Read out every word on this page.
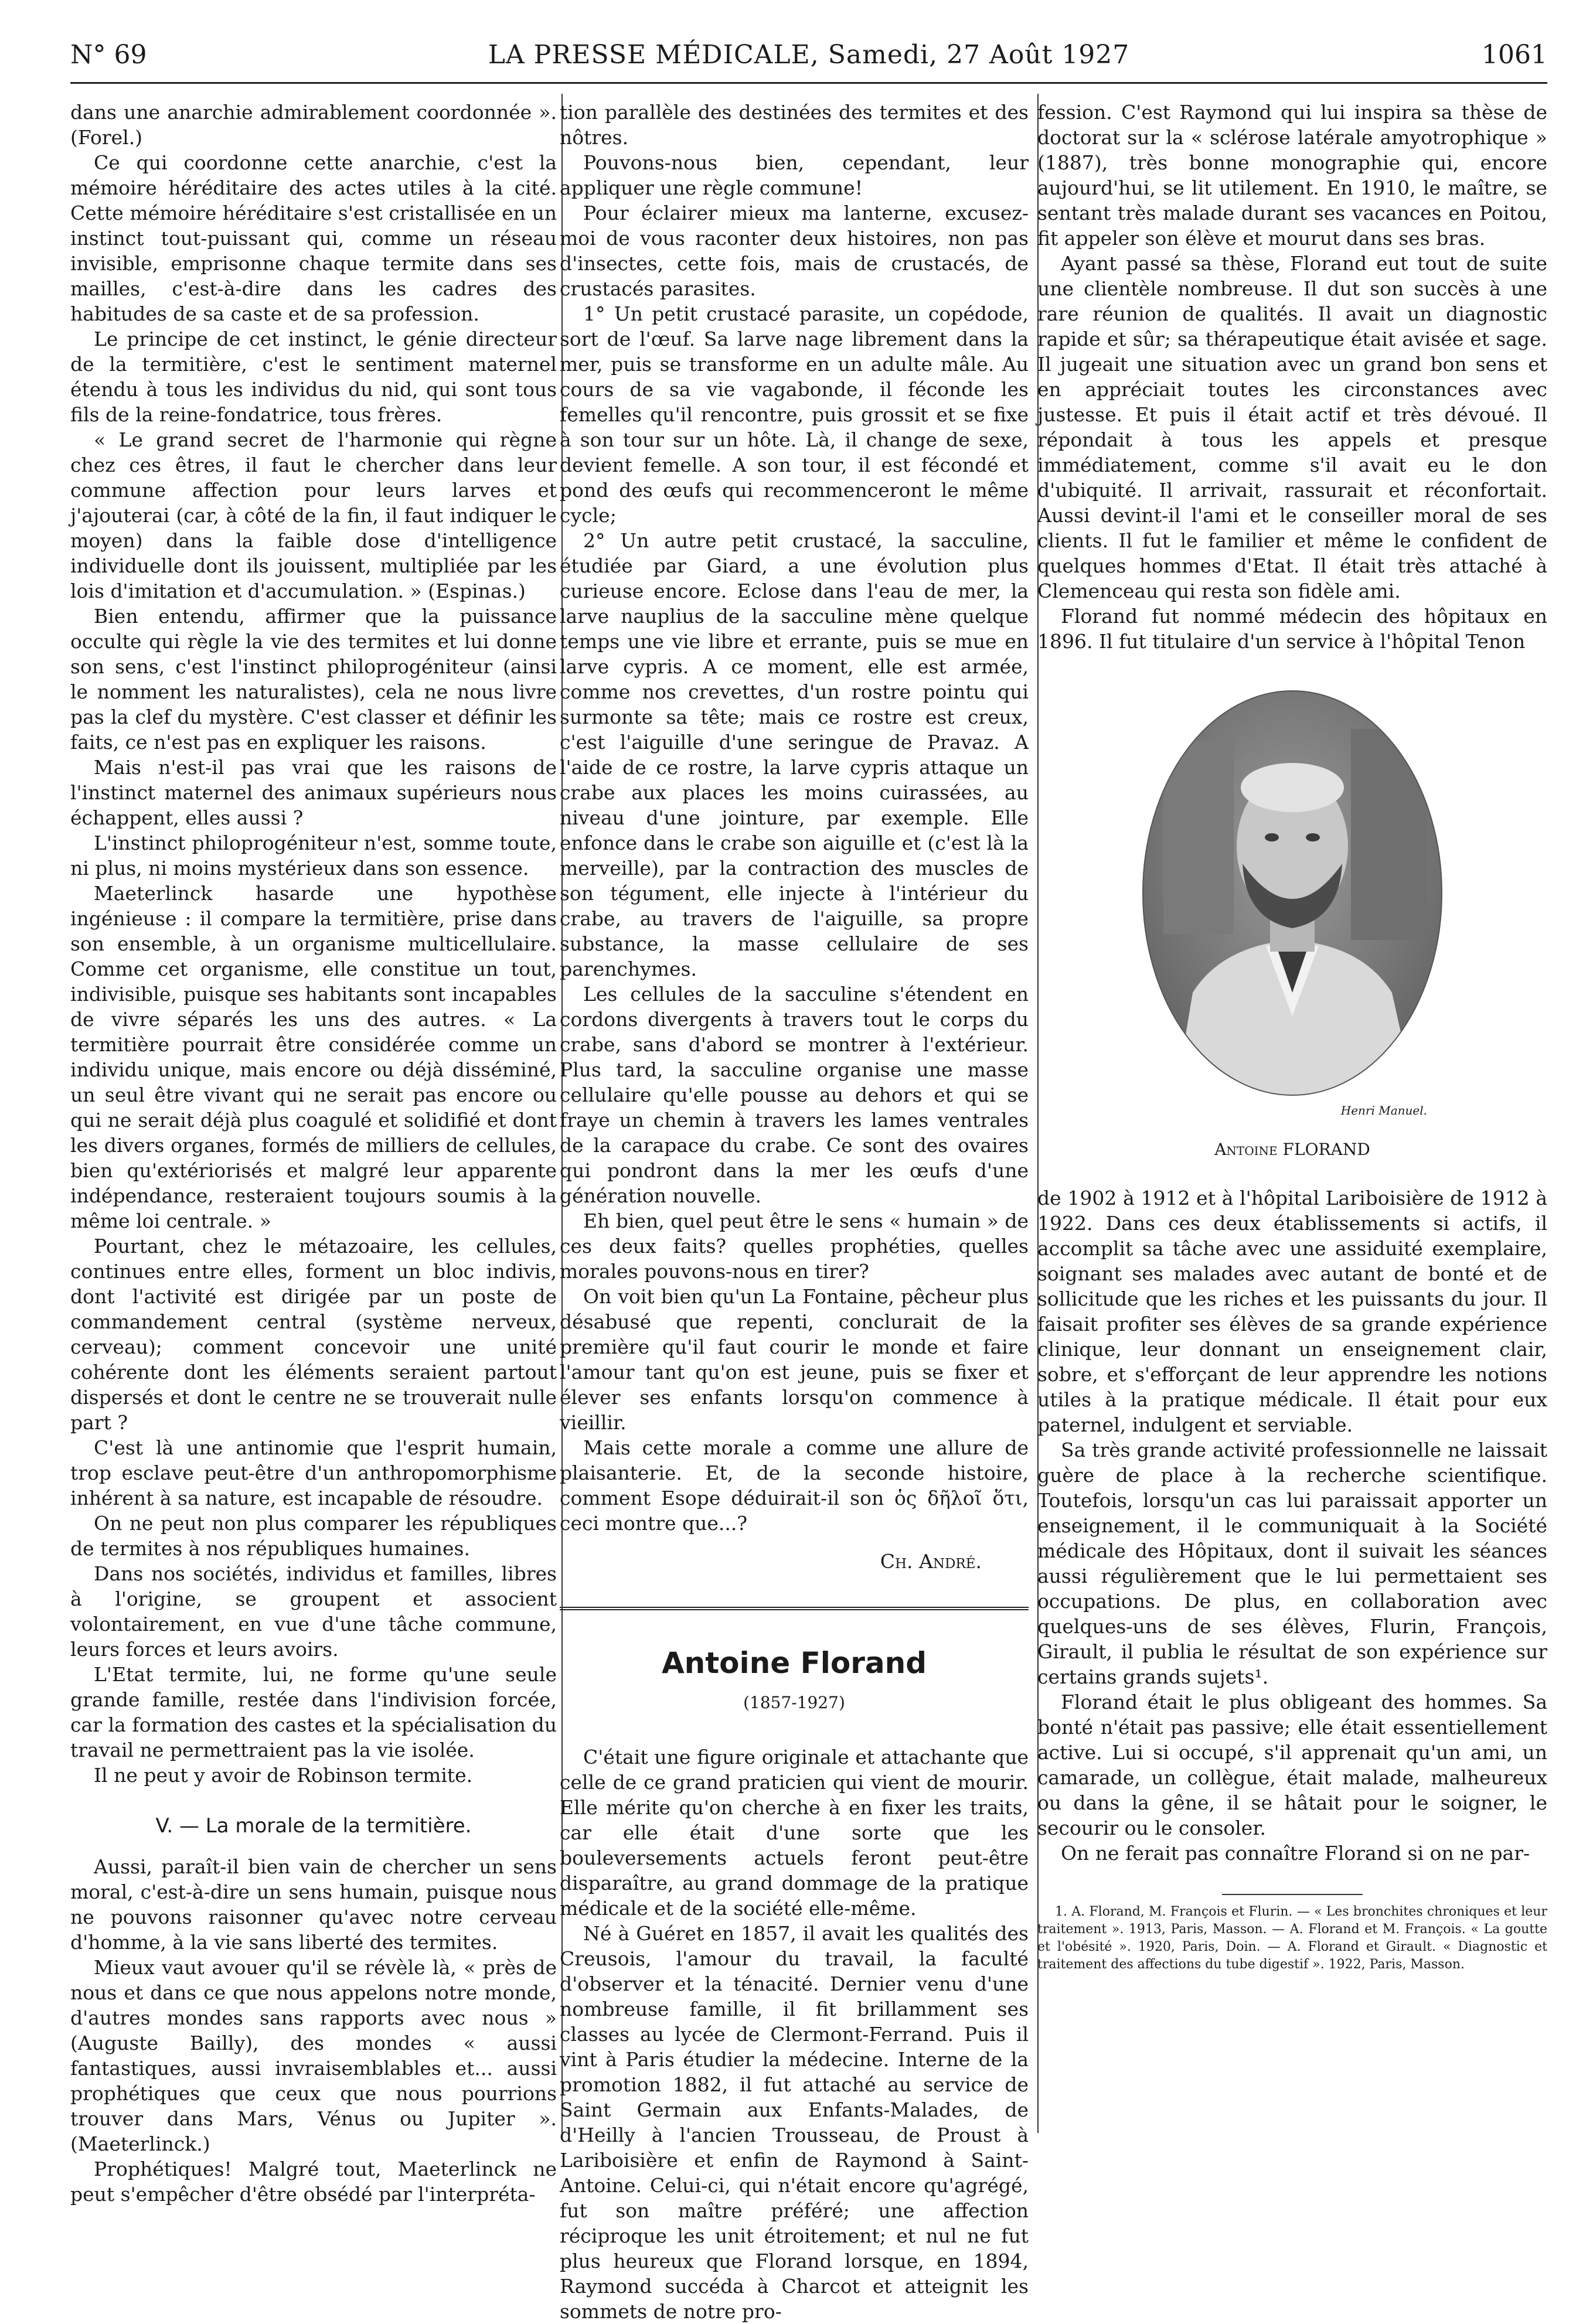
N° 69	LA PRESSE MÉDICALE, Samedi, 27 Août 1927	1061

dans une anarchie admirablement coordonnée ». (Forel.)

Ce qui coordonne cette anarchie, c'est la mémoire héréditaire des actes utiles à la cité. Cette mémoire héréditaire s'est cristallisée en un instinct tout-puissant qui, comme un réseau invisible, emprisonne chaque termite dans ses mailles, c'est-à-dire dans les cadres des habitudes de sa caste et de sa profession.

Le principe de cet instinct, le génie directeur de la termitière, c'est le sentiment maternel étendu à tous les individus du nid, qui sont tous fils de la reine-fondatrice, tous frères.

« Le grand secret de l'harmonie qui règne chez ces êtres, il faut le chercher dans leur commune affection pour leurs larves et j'ajouterai (car, à côté de la fin, il faut indiquer le moyen) dans la faible dose d'intelligence individuelle dont ils jouissent, multipliée par les lois d'imitation et d'accumulation. » (Espinas.)

Bien entendu, affirmer que la puissance occulte qui règle la vie des termites et lui donne son sens, c'est l'instinct philoprogéniteur (ainsi le nomment les naturalistes), cela ne nous livre pas la clef du mystère. C'est classer et définir les faits, ce n'est pas en expliquer les raisons.

Mais n'est-il pas vrai que les raisons de l'instinct maternel des animaux supérieurs nous échappent, elles aussi ?

L'instinct philoprogéniteur n'est, somme toute, ni plus, ni moins mystérieux dans son essence.

Maeterlinck hasarde une hypothèse ingénieuse : il compare la termitière, prise dans son ensemble, à un organisme multicellulaire. Comme cet organisme, elle constitue un tout, indivisible, puisque ses habitants sont incapables de vivre séparés les uns des autres. « La termitière pourrait être considérée comme un individu unique, mais encore ou déjà disséminé, un seul être vivant qui ne serait pas encore ou qui ne serait déjà plus coagulé et solidifié et dont les divers organes, formés de milliers de cellules, bien qu'extériorisés et malgré leur apparente indépendance, resteraient toujours soumis à la même loi centrale. »

Pourtant, chez le métazoaire, les cellules, continues entre elles, forment un bloc indivis, dont l'activité est dirigée par un poste de commandement central (système nerveux, cerveau); comment concevoir une unité cohérente dont les éléments seraient partout dispersés et dont le centre ne se trouverait nulle part ?

C'est là une antinomie que l'esprit humain, trop esclave peut-être d'un anthropomorphisme inhérent à sa nature, est incapable de résoudre.

On ne peut non plus comparer les républiques de termites à nos républiques humaines.

Dans nos sociétés, individus et familles, libres à l'origine, se groupent et associent volontairement, en vue d'une tâche commune, leurs forces et leurs avoirs.

L'Etat termite, lui, ne forme qu'une seule grande famille, restée dans l'indivision forcée, car la formation des castes et la spécialisation du travail ne permettraient pas la vie isolée.

Il ne peut y avoir de Robinson termite.

V. — La morale de la termitière.

Aussi, paraît-il bien vain de chercher un sens moral, c'est-à-dire un sens humain, puisque nous ne pouvons raisonner qu'avec notre cerveau d'homme, à la vie sans liberté des termites.

Mieux vaut avouer qu'il se révèle là, « près de nous et dans ce que nous appelons notre monde, d'autres mondes sans rapports avec nous » (Auguste Bailly), des mondes « aussi fantastiques, aussi invraisemblables et... aussi prophétiques que ceux que nous pourrions trouver dans Mars, Vénus ou Jupiter ». (Maeterlinck.)

Prophétiques! Malgré tout, Maeterlinck ne peut s'empêcher d'être obsédé par l'interpréta-

tion parallèle des destinées des termites et des nôtres.

Pouvons-nous bien, cependant, leur appliquer une règle commune!

Pour éclairer mieux ma lanterne, excusez-moi de vous raconter deux histoires, non pas d'insectes, cette fois, mais de crustacés, de crustacés parasites.

1° Un petit crustacé parasite, un copédode, sort de l'œuf. Sa larve nage librement dans la mer, puis se transforme en un adulte mâle. Au cours de sa vie vagabonde, il féconde les femelles qu'il rencontre, puis grossit et se fixe à son tour sur un hôte. Là, il change de sexe, devient femelle. A son tour, il est fécondé et pond des œufs qui recommenceront le même cycle;

2° Un autre petit crustacé, la sacculine, étudiée par Giard, a une évolution plus curieuse encore. Eclose dans l'eau de mer, la larve nauplius de la sacculine mène quelque temps une vie libre et errante, puis se mue en larve cypris. A ce moment, elle est armée, comme nos crevettes, d'un rostre pointu qui surmonte sa tête; mais ce rostre est creux, c'est l'aiguille d'une seringue de Pravaz. A l'aide de ce rostre, la larve cypris attaque un crabe aux places les moins cuirassées, au niveau d'une jointure, par exemple. Elle enfonce dans le crabe son aiguille et (c'est là la merveille), par la contraction des muscles de son tégument, elle injecte à l'intérieur du crabe, au travers de l'aiguille, sa propre substance, la masse cellulaire de ses parenchymes.

Les cellules de la sacculine s'étendent en cordons divergents à travers tout le corps du crabe, sans d'abord se montrer à l'extérieur. Plus tard, la sacculine organise une masse cellulaire qu'elle pousse au dehors et qui se fraye un chemin à travers les lames ventrales de la carapace du crabe. Ce sont des ovaires qui pondront dans la mer les œufs d'une génération nouvelle.

Eh bien, quel peut être le sens « humain » de ces deux faits? quelles prophéties, quelles morales pouvons-nous en tirer?

On voit bien qu'un La Fontaine, pêcheur plus désabusé que repenti, conclurait de la première qu'il faut courir le monde et faire l'amour tant qu'on est jeune, puis se fixer et élever ses enfants lorsqu'on commence à vieillir.

Mais cette morale a comme une allure de plaisanterie. Et, de la seconde histoire, comment Esope déduirait-il son ὁς δῆλοῖ ὅτι, ceci montre que...?

Ch. André.

Antoine Florand

(1857-1927)

C'était une figure originale et attachante que celle de ce grand praticien qui vient de mourir. Elle mérite qu'on cherche à en fixer les traits, car elle était d'une sorte que les bouleversements actuels feront peut-être disparaître, au grand dommage de la pratique médicale et de la société elle-même.

Né à Guéret en 1857, il avait les qualités des Creusois, l'amour du travail, la faculté d'observer et la ténacité. Dernier venu d'une nombreuse famille, il fit brillamment ses classes au lycée de Clermont-Ferrand. Puis il vint à Paris étudier la médecine. Interne de la promotion 1882, il fut attaché au service de Saint Germain aux Enfants-Malades, de d'Heilly à l'ancien Trousseau, de Proust à Lariboisière et enfin de Raymond à Saint-Antoine. Celui-ci, qui n'était encore qu'agrégé, fut son maître préféré; une affection réciproque les unit étroitement; et nul ne fut plus heureux que Florand lorsque, en 1894, Raymond succéda à Charcot et atteignit les sommets de notre pro-

fession. C'est Raymond qui lui inspira sa thèse de doctorat sur la « sclérose latérale amyotrophique » (1887), très bonne monographie qui, encore aujourd'hui, se lit utilement. En 1910, le maître, se sentant très malade durant ses vacances en Poitou, fit appeler son élève et mourut dans ses bras.

Ayant passé sa thèse, Florand eut tout de suite une clientèle nombreuse. Il dut son succès à une rare réunion de qualités. Il avait un diagnostic rapide et sûr; sa thérapeutique était avisée et sage. Il jugeait une situation avec un grand bon sens et en appréciait toutes les circonstances avec justesse. Et puis il était actif et très dévoué. Il répondait à tous les appels et presque immédiatement, comme s'il avait eu le don d'ubiquité. Il arrivait, rassurait et réconfortait. Aussi devint-il l'ami et le conseiller moral de ses clients. Il fut le familier et même le confident de quelques hommes d'Etat. Il était très attaché à Clemenceau qui resta son fidèle ami.

Florand fut nommé médecin des hôpitaux en 1896. Il fut titulaire d'un service à l'hôpital Tenon

Henri Manuel.

Antoine FLORAND

de 1902 à 1912 et à l'hôpital Lariboisière de 1912 à 1922. Dans ces deux établissements si actifs, il accomplit sa tâche avec une assiduité exemplaire, soignant ses malades avec autant de bonté et de sollicitude que les riches et les puissants du jour. Il faisait profiter ses élèves de sa grande expérience clinique, leur donnant un enseignement clair, sobre, et s'efforçant de leur apprendre les notions utiles à la pratique médicale. Il était pour eux paternel, indulgent et serviable.

Sa très grande activité professionnelle ne laissait guère de place à la recherche scientifique. Toutefois, lorsqu'un cas lui paraissait apporter un enseignement, il le communiquait à la Société médicale des Hôpitaux, dont il suivait les séances aussi régulièrement que le lui permettaient ses occupations. De plus, en collaboration avec quelques-uns de ses élèves, Flurin, François, Girault, il publia le résultat de son expérience sur certains grands sujets¹.

Florand était le plus obligeant des hommes. Sa bonté n'était pas passive; elle était essentiellement active. Lui si occupé, s'il apprenait qu'un ami, un camarade, un collègue, était malade, malheureux ou dans la gêne, il se hâtait pour le soigner, le secourir ou le consoler.

On ne ferait pas connaître Florand si on ne par-

1. A. Florand, M. François et Flurin. — « Les bronchites chroniques et leur traitement ». 1913, Paris, Masson. — A. Florand et M. François. « La goutte et l'obésité ». 1920, Paris, Doin. — A. Florand et Girault. « Diagnostic et traitement des affections du tube digestif ». 1922, Paris, Masson.
